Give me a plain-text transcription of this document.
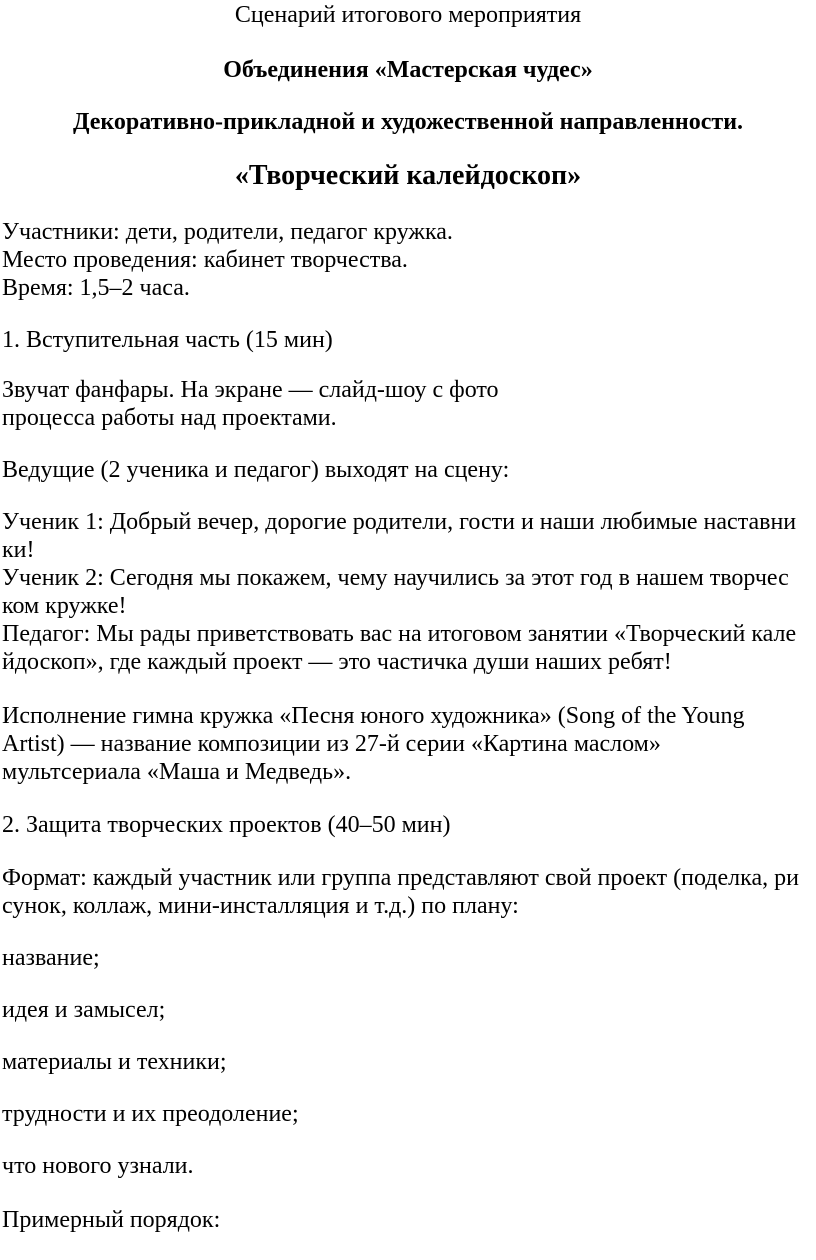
Сценарий итогового мероприятия
Объединения «Мастерская чудес»
Декоративно-прикладной и художественной направленности.
«Творческий калейдоскоп»
Участники: дети, родители, педагог кружка.
Место проведения: кабинет творчества.
Время: 1,5–2 часа.
1. Вступительная часть (15 мин)
Звучат фанфары. На экране — слайд-шоу с фото
процесса работы над проектами.
Ведущие (2 ученика и педагог) выходят на сцену:
Ученик 1: Добрый вечер, дорогие родители, гости и наши любимые наставни
ки!
Ученик 2: Сегодня мы покажем, чему научились за этот год в нашем творчес
ком кружке!
Педагог: Мы рады приветствовать вас на итоговом занятии «Творческий кале
йдоскоп», где каждый проект — это частичка души наших ребят!
Исполнение гимна кружка «Песня юного художника» (Song of the Young
Artist) — название композиции из 27-й серии «Картина маслом»
мультсериала «Маша и Медведь».
2. Защита творческих проектов (40–50 мин)
Формат: каждый участник или группа представляют свой проект (поделка, ри
сунок, коллаж, мини-инсталляция и т.д.) по плану:
название;
идея и замысел;
материалы и техники;
трудности и их преодоление;
что нового узнали.
Примерный порядок:
